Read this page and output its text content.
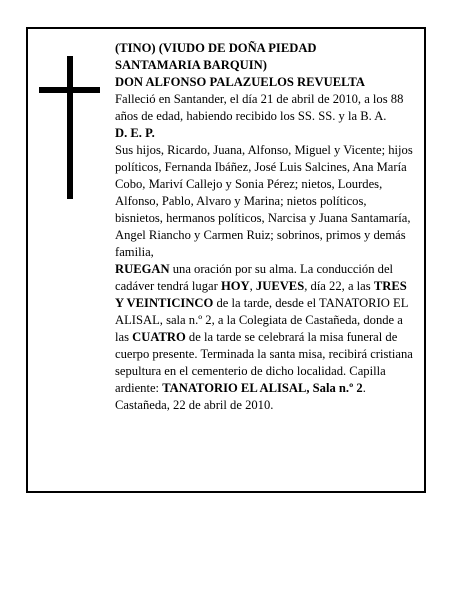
(TINO) (VIUDO DE DOÑA PIEDAD

SANTAMARIA BARQUIN)

DON ALFONSO PALAZUELOS REVUELTA

Falleció en Santander, el día 21 de abril de 2010, a los 88 años de edad, habiendo recibido los SS. SS. y la B. A.

D. E. P.

Sus hijos, Ricardo, Juana, Alfonso, Miguel y Vicente; hijos políticos, Fernanda Ibáñez, José Luis Salcines, Ana María Cobo, Mariví Callejo y Sonia Pérez; nietos, Lourdes, Alfonso, Pablo, Alvaro y Marina; nietos políticos, bisnietos, hermanos políticos, Narcisa y Juana Santamaría, Angel Riancho y Carmen Ruiz; sobrinos, primos y demás familia,

RUEGAN una oración por su alma. La conducción del cadáver tendrá lugar HOY, JUEVES, día 22, a las TRES Y VEINTICINCO de la tarde, desde el TANATORIO EL ALISAL, sala n.º 2, a la Colegiata de Castañeda, donde a las CUATRO de la tarde se celebrará la misa funeral de cuerpo presente. Terminada la santa misa, recibirá cristiana sepultura en el cementerio de dicho localidad. Capilla ardiente: TANATORIO EL ALISAL, Sala n.º 2.

Castañeda, 22 de abril de 2010.
